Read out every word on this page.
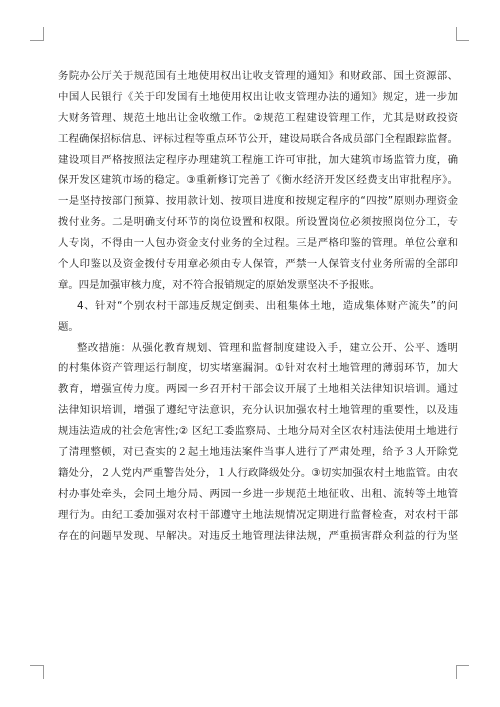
务院办公厅关于规范国有土地使用权出让收支管理的通知》和财政部、国土资源部、
中国人民银行《关于印发国有土地使用权出让收支管理办法的通知》规定，进一步加
大财务管理、规范土地出让金收缴工作。②规范工程建设管理工作，尤其是财政投资
工程确保招标信息、评标过程等重点环节公开，建设局联合各成员部门全程跟踪监督。
建设项目严格按照法定程序办理建筑工程施工许可审批，加大建筑市场监管力度，确
保开发区建筑市场的稳定。③重新修订完善了《衡水经济开发区经费支出审批程序》。
一是坚持按部门预算、按用款计划、按项目进度和按规定程序的“四按”原则办理资金
拨付业务。二是明确支付环节的岗位设置和权限。所设置岗位必须按照岗位分工，专
人专岗，不得由一人包办资金支付业务的全过程。三是严格印鉴的管理。单位公章和
个人印鉴以及资金拨付专用章必须由专人保管，严禁一人保管支付业务所需的全部印
章。四是加强审核力度，对不符合报销规定的原始发票坚决不予报账。
4、针对“个别农村干部违反规定倒卖、出租集体土地，造成集体财产流失”的问
题。
整改措施：从强化教育规划、管理和监督制度建设入手，建立公开、公平、透明
的村集体资产管理运行制度，切实堵塞漏洞。①针对农村土地管理的薄弱环节，加大
教育，增强宣传力度。两园一乡召开村干部会议开展了土地相关法律知识培训。通过
法律知识培训，增强了遵纪守法意识，充分认识加强农村土地管理的重要性，以及违
规违法造成的社会危害性;② 区纪工委监察局、土地分局对全区农村违法使用土地进行
了清理整顿，对已查实的２起土地违法案件当事人进行了严肃处理，给予３人开除党
籍处分，２人党内严重警告处分，１人行政降级处分。③切实加强农村土地监管。由农
村办事处牵头，会同土地分局、两园一乡进一步规范土地征收、出租、流转等土地管
理行为。由纪工委加强对农村干部遵守土地法规情况定期进行监督检查，对农村干部
存在的问题早发现、早解决。对违反土地管理法律法规，严重损害群众利益的行为坚
